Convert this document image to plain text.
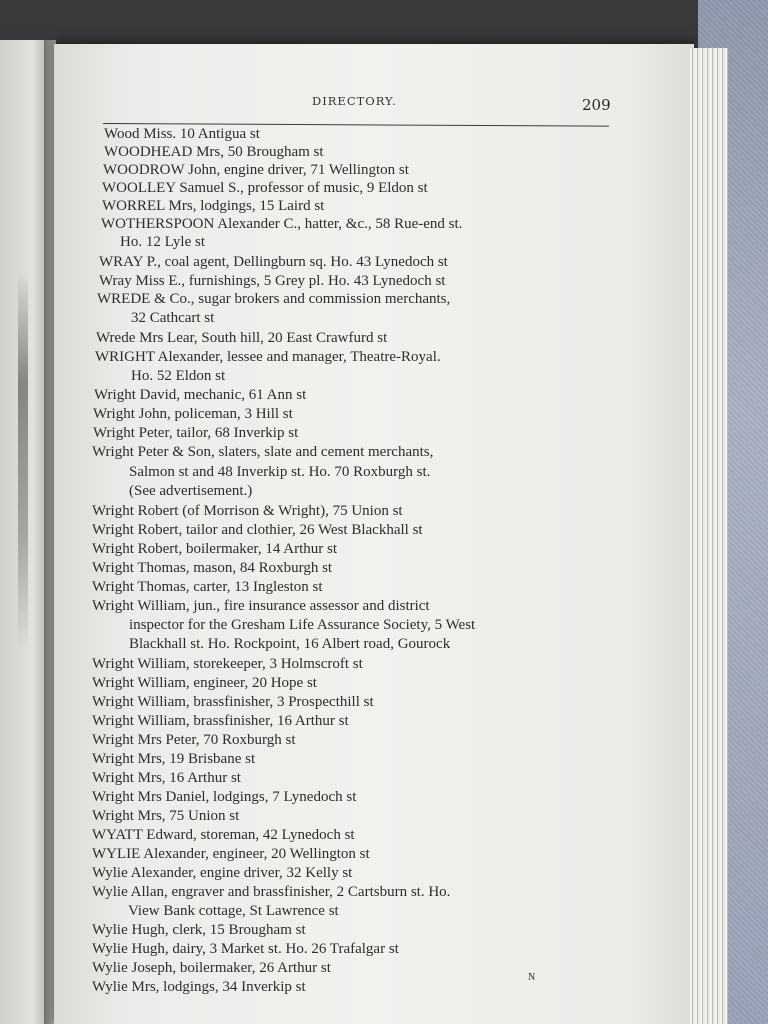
DIRECTORY.	209
Wood Miss. 10 Antigua st
WOODHEAD Mrs, 50 Brougham st
WOODROW John, engine driver, 71 Wellington st
WOOLLEY Samuel S., professor of music, 9 Eldon st
WORREL Mrs, lodgings, 15 Laird st
WOTHERSPOON Alexander C., hatter, &c., 58 Rue-end st.
Ho. 12 Lyle st
WRAY P., coal agent, Dellingburn sq. Ho. 43 Lynedoch st
Wray Miss E., furnishings, 5 Grey pl. Ho. 43 Lynedoch st
WREDE & Co., sugar brokers and commission merchants,
32 Cathcart st
Wrede Mrs Lear, South hill, 20 East Crawfurd st
WRIGHT Alexander, lessee and manager, Theatre-Royal.
Ho. 52 Eldon st
Wright David, mechanic, 61 Ann st
Wright John, policeman, 3 Hill st
Wright Peter, tailor, 68 Inverkip st
Wright Peter & Son, slaters, slate and cement merchants,
Salmon st and 48 Inverkip st. Ho. 70 Roxburgh st.
(See advertisement.)
Wright Robert (of Morrison & Wright), 75 Union st
Wright Robert, tailor and clothier, 26 West Blackhall st
Wright Robert, boilermaker, 14 Arthur st
Wright Thomas, mason, 84 Roxburgh st
Wright Thomas, carter, 13 Ingleston st
Wright William, jun., fire insurance assessor and district
inspector for the Gresham Life Assurance Society, 5 West
Blackhall st. Ho. Rockpoint, 16 Albert road, Gourock
Wright William, storekeeper, 3 Holmscroft st
Wright William, engineer, 20 Hope st
Wright William, brassfinisher, 3 Prospecthill st
Wright William, brassfinisher, 16 Arthur st
Wright Mrs Peter, 70 Roxburgh st
Wright Mrs, 19 Brisbane st
Wright Mrs, 16 Arthur st
Wright Mrs Daniel, lodgings, 7 Lynedoch st
Wright Mrs, 75 Union st
WYATT Edward, storeman, 42 Lynedoch st
WYLIE Alexander, engineer, 20 Wellington st
Wylie Alexander, engine driver, 32 Kelly st
Wylie Allan, engraver and brassfinisher, 2 Cartsburn st. Ho.
View Bank cottage, St Lawrence st
Wylie Hugh, clerk, 15 Brougham st
Wylie Hugh, dairy, 3 Market st. Ho. 26 Trafalgar st
Wylie Joseph, boilermaker, 26 Arthur st
Wylie Mrs, lodgings, 34 Inverkip st
N
